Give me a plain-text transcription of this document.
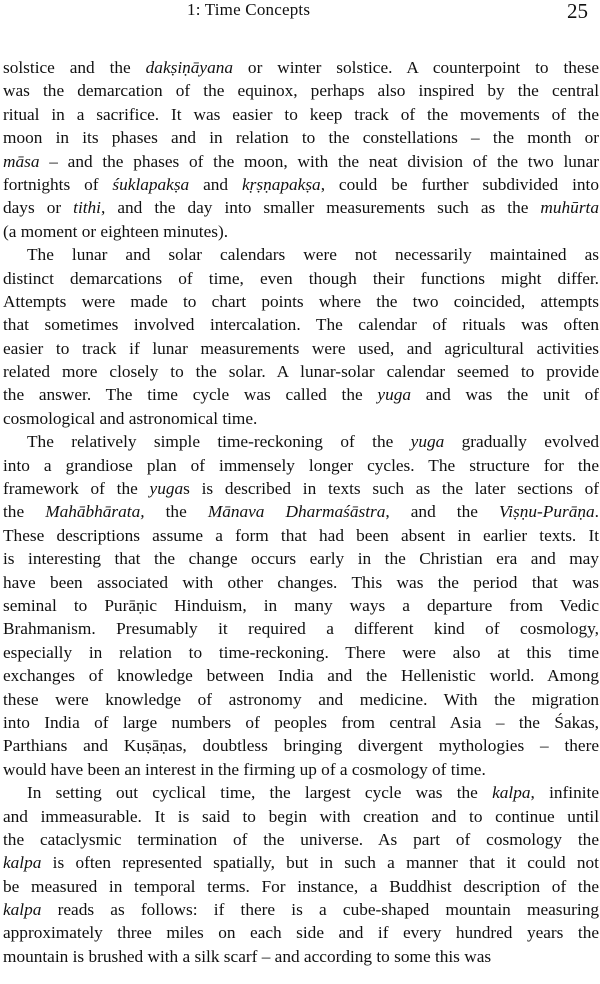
1: Time Concepts	25
solstice and the dakṣiṇāyana or winter solstice. A counterpoint to these
was the demarcation of the equinox, perhaps also inspired by the central
ritual in a sacrifice. It was easier to keep track of the movements of the
moon in its phases and in relation to the constellations – the month or
māsa – and the phases of the moon, with the neat division of the two lunar
fortnights of śuklapakṣa and kṛṣṇapakṣa, could be further subdivided into
days or tithi, and the day into smaller measurements such as the muhūrta
(a moment or eighteen minutes).
The lunar and solar calendars were not necessarily maintained as
distinct demarcations of time, even though their functions might differ.
Attempts were made to chart points where the two coincided, attempts
that sometimes involved intercalation. The calendar of rituals was often
easier to track if lunar measurements were used, and agricultural activities
related more closely to the solar. A lunar-solar calendar seemed to provide
the answer. The time cycle was called the yuga and was the unit of
cosmological and astronomical time.
The relatively simple time-reckoning of the yuga gradually evolved
into a grandiose plan of immensely longer cycles. The structure for the
framework of the yugas is described in texts such as the later sections of
the Mahābhārata, the Mānava Dharmaśāstra, and the Viṣṇu-Purāṇa.
These descriptions assume a form that had been absent in earlier texts. It
is interesting that the change occurs early in the Christian era and may
have been associated with other changes. This was the period that was
seminal to Purāṇic Hinduism, in many ways a departure from Vedic
Brahmanism. Presumably it required a different kind of cosmology,
especially in relation to time-reckoning. There were also at this time
exchanges of knowledge between India and the Hellenistic world. Among
these were knowledge of astronomy and medicine. With the migration
into India of large numbers of peoples from central Asia – the Śakas,
Parthians and Kuṣāṇas, doubtless bringing divergent mythologies – there
would have been an interest in the firming up of a cosmology of time.
In setting out cyclical time, the largest cycle was the kalpa, infinite
and immeasurable. It is said to begin with creation and to continue until
the cataclysmic termination of the universe. As part of cosmology the
kalpa is often represented spatially, but in such a manner that it could not
be measured in temporal terms. For instance, a Buddhist description of the
kalpa reads as follows: if there is a cube-shaped mountain measuring
approximately three miles on each side and if every hundred years the
mountain is brushed with a silk scarf – and according to some this was
